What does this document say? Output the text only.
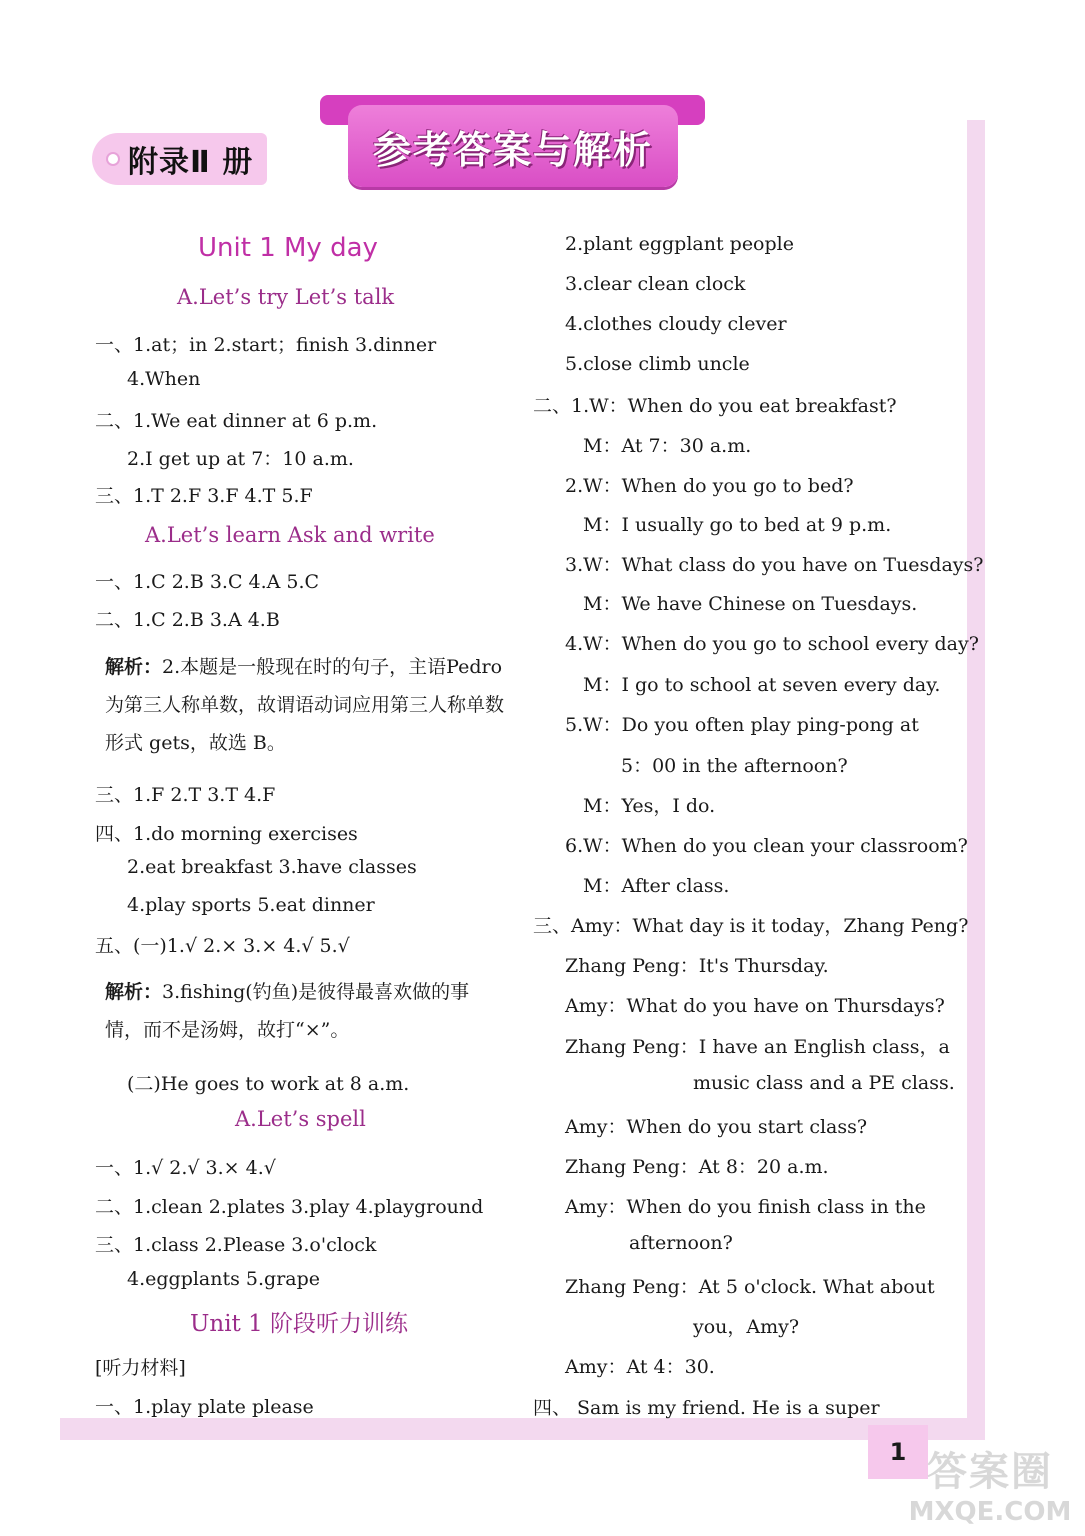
附录Ⅱ 册	参考答案与解析
Unit 1 My day
A.Let’s try Let’s talk
一、1.at；in 2.start；finish 3.dinner
4.When
二、1.We eat dinner at 6 p.m.
2.I get up at 7：10 a.m.
三、1.T 2.F 3.F 4.T 5.F
A.Let’s learn Ask and write
一、1.C 2.B 3.C 4.A 5.C
二、1.C 2.B 3.A 4.B
解析：2.本题是一般现在时的句子，主语Pedro为第三人称单数，故谓语动词应用第三人称单数形式 gets，故选 B。
三、1.F 2.T 3.T 4.F
四、1.do morning exercises
2.eat breakfast 3.have classes
4.play sports 5.eat dinner
五、(一)1.√ 2.× 3.× 4.√ 5.√
解析：3.fishing(钓鱼)是彼得最喜欢做的事情，而不是汤姆，故打“×”。
(二)He goes to work at 8 a.m.
A.Let’s spell
一、1.√ 2.√ 3.× 4.√
二、1.clean 2.plates 3.play 4.playground
三、1.class 2.Please 3.o'clock
4.eggplants 5.grape
Unit 1 阶段听力训练
[听力材料]
一、1.play plate please
2.plant eggplant people
3.clear clean clock
4.clothes cloudy clever
5.close climb uncle
二、1.W：When do you eat breakfast?
M：At 7：30 a.m.
2.W：When do you go to bed?
M：I usually go to bed at 9 p.m.
3.W：What class do you have on Tuesdays?
M：We have Chinese on Tuesdays.
4.W：When do you go to school every day?
M：I go to school at seven every day.
5.W：Do you often play ping-pong at
5：00 in the afternoon?
M：Yes，I do.
6.W：When do you clean your classroom?
M：After class.
三、Amy：What day is it today，Zhang Peng?
Zhang Peng：It's Thursday.
Amy：What do you have on Thursdays?
Zhang Peng：I have an English class，a
music class and a PE class.
Amy：When do you start class?
Zhang Peng：At 8：20 a.m.
Amy：When do you finish class in the
afternoon?
Zhang Peng：At 5 o'clock. What about
you，Amy?
Amy：At 4：30.
四、 Sam is my friend. He is a super
1 答案圈
MXQE.COM
